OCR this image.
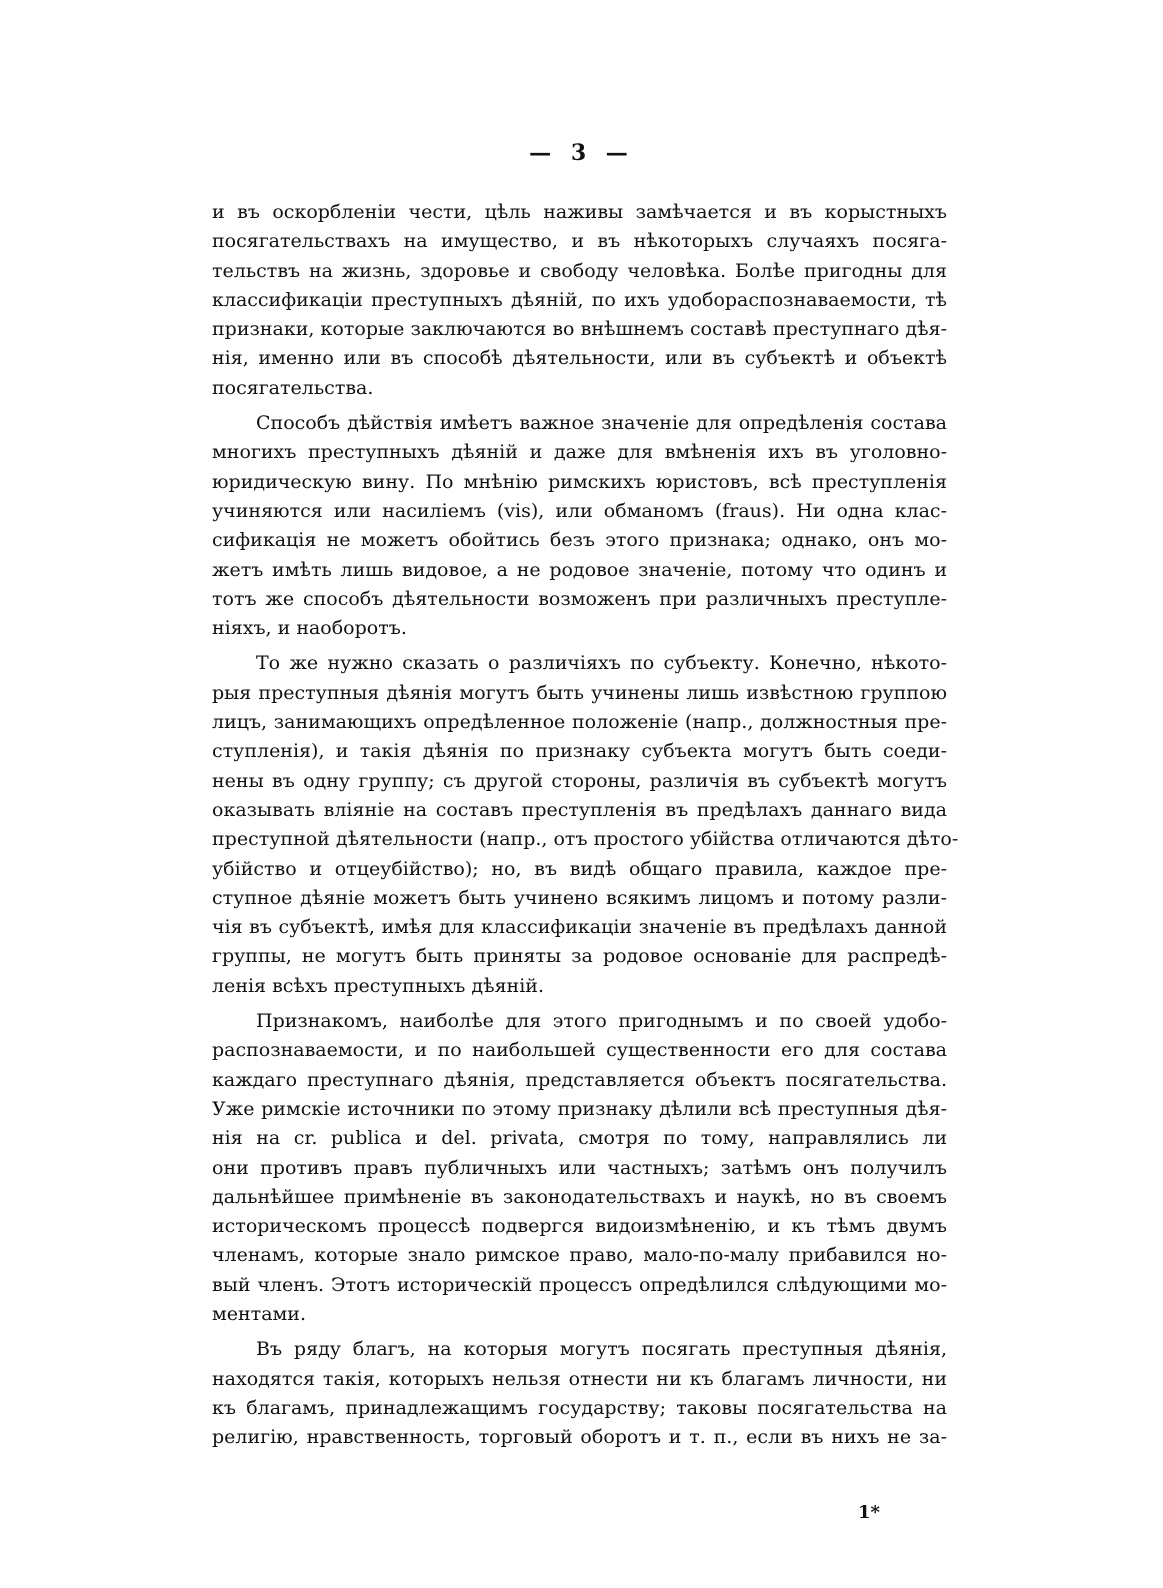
— 3 —
и въ оскорбленіи чести, цѣль наживы замѣчается и въ корыстныхъ
посягательствахъ на имущество, и въ нѣкоторыхъ случаяхъ посяга-
тельствъ на жизнь, здоровье и свободу человѣка. Болѣе пригодны для
классификаціи преступныхъ дѣяній, по ихъ удобораспознаваемости, тѣ
признаки, которые заключаются во внѣшнемъ составѣ преступнаго дѣя-
нія, именно или въ способѣ дѣятельности, или въ субъектѣ и объектѣ
посягательства.
Способъ дѣйствія имѣетъ важное значеніе для опредѣленія состава
многихъ преступныхъ дѣяній и даже для вмѣненія ихъ въ уголовно-
юридическую вину. По мнѣнію римскихъ юристовъ, всѣ преступленія
учиняются или насиліемъ (vis), или обманомъ (fraus). Ни одна клас-
сификація не можетъ обойтись безъ этого признака; однако, онъ мо-
жетъ имѣть лишь видовое, а не родовое значеніе, потому что одинъ и
тотъ же способъ дѣятельности возможенъ при различныхъ преступле-
ніяхъ, и наоборотъ.
То же нужно сказать о различіяхъ по субъекту. Конечно, нѣкото-
рыя преступныя дѣянія могутъ быть учинены лишь извѣстною группою
лицъ, занимающихъ опредѣленное положеніе (напр., должностныя пре-
ступленія), и такія дѣянія по признаку субъекта могутъ быть соеди-
нены въ одну группу; съ другой стороны, различія въ субъектѣ могутъ
оказывать вліяніе на составъ преступленія въ предѣлахъ даннаго вида
преступной дѣятельности (напр., отъ простого убійства отличаются дѣто-
убійство и отцеубійство); но, въ видѣ общаго правила, каждое пре-
ступное дѣяніе можетъ быть учинено всякимъ лицомъ и потому разли-
чія въ субъектѣ, имѣя для классификаціи значеніе въ предѣлахъ данной
группы, не могутъ быть приняты за родовое основаніе для распредѣ-
ленія всѣхъ преступныхъ дѣяній.
Признакомъ, наиболѣе для этого пригоднымъ и по своей удобо-
распознаваемости, и по наибольшей существенности его для состава
каждаго преступнаго дѣянія, представляется объектъ посягательства.
Уже римскіе источники по этому признаку дѣлили всѣ преступныя дѣя-
нія на cr. publica и del. privata, смотря по тому, направлялись ли
они противъ правъ публичныхъ или частныхъ; затѣмъ онъ получилъ
дальнѣйшее примѣненіе въ законодательствахъ и наукѣ, но въ своемъ
историческомъ процессѣ подвергся видоизмѣненію, и къ тѣмъ двумъ
членамъ, которые знало римское право, мало-по-малу прибавился но-
вый членъ. Этотъ историческій процессъ опредѣлился слѣдующими мо-
ментами.
Въ ряду благъ, на которыя могутъ посягать преступныя дѣянія,
находятся такія, которыхъ нельзя отнести ни къ благамъ личности, ни
къ благамъ, принадлежащимъ государству; таковы посягательства на
религію, нравственность, торговый оборотъ и т. п., если въ нихъ не за-
1*
